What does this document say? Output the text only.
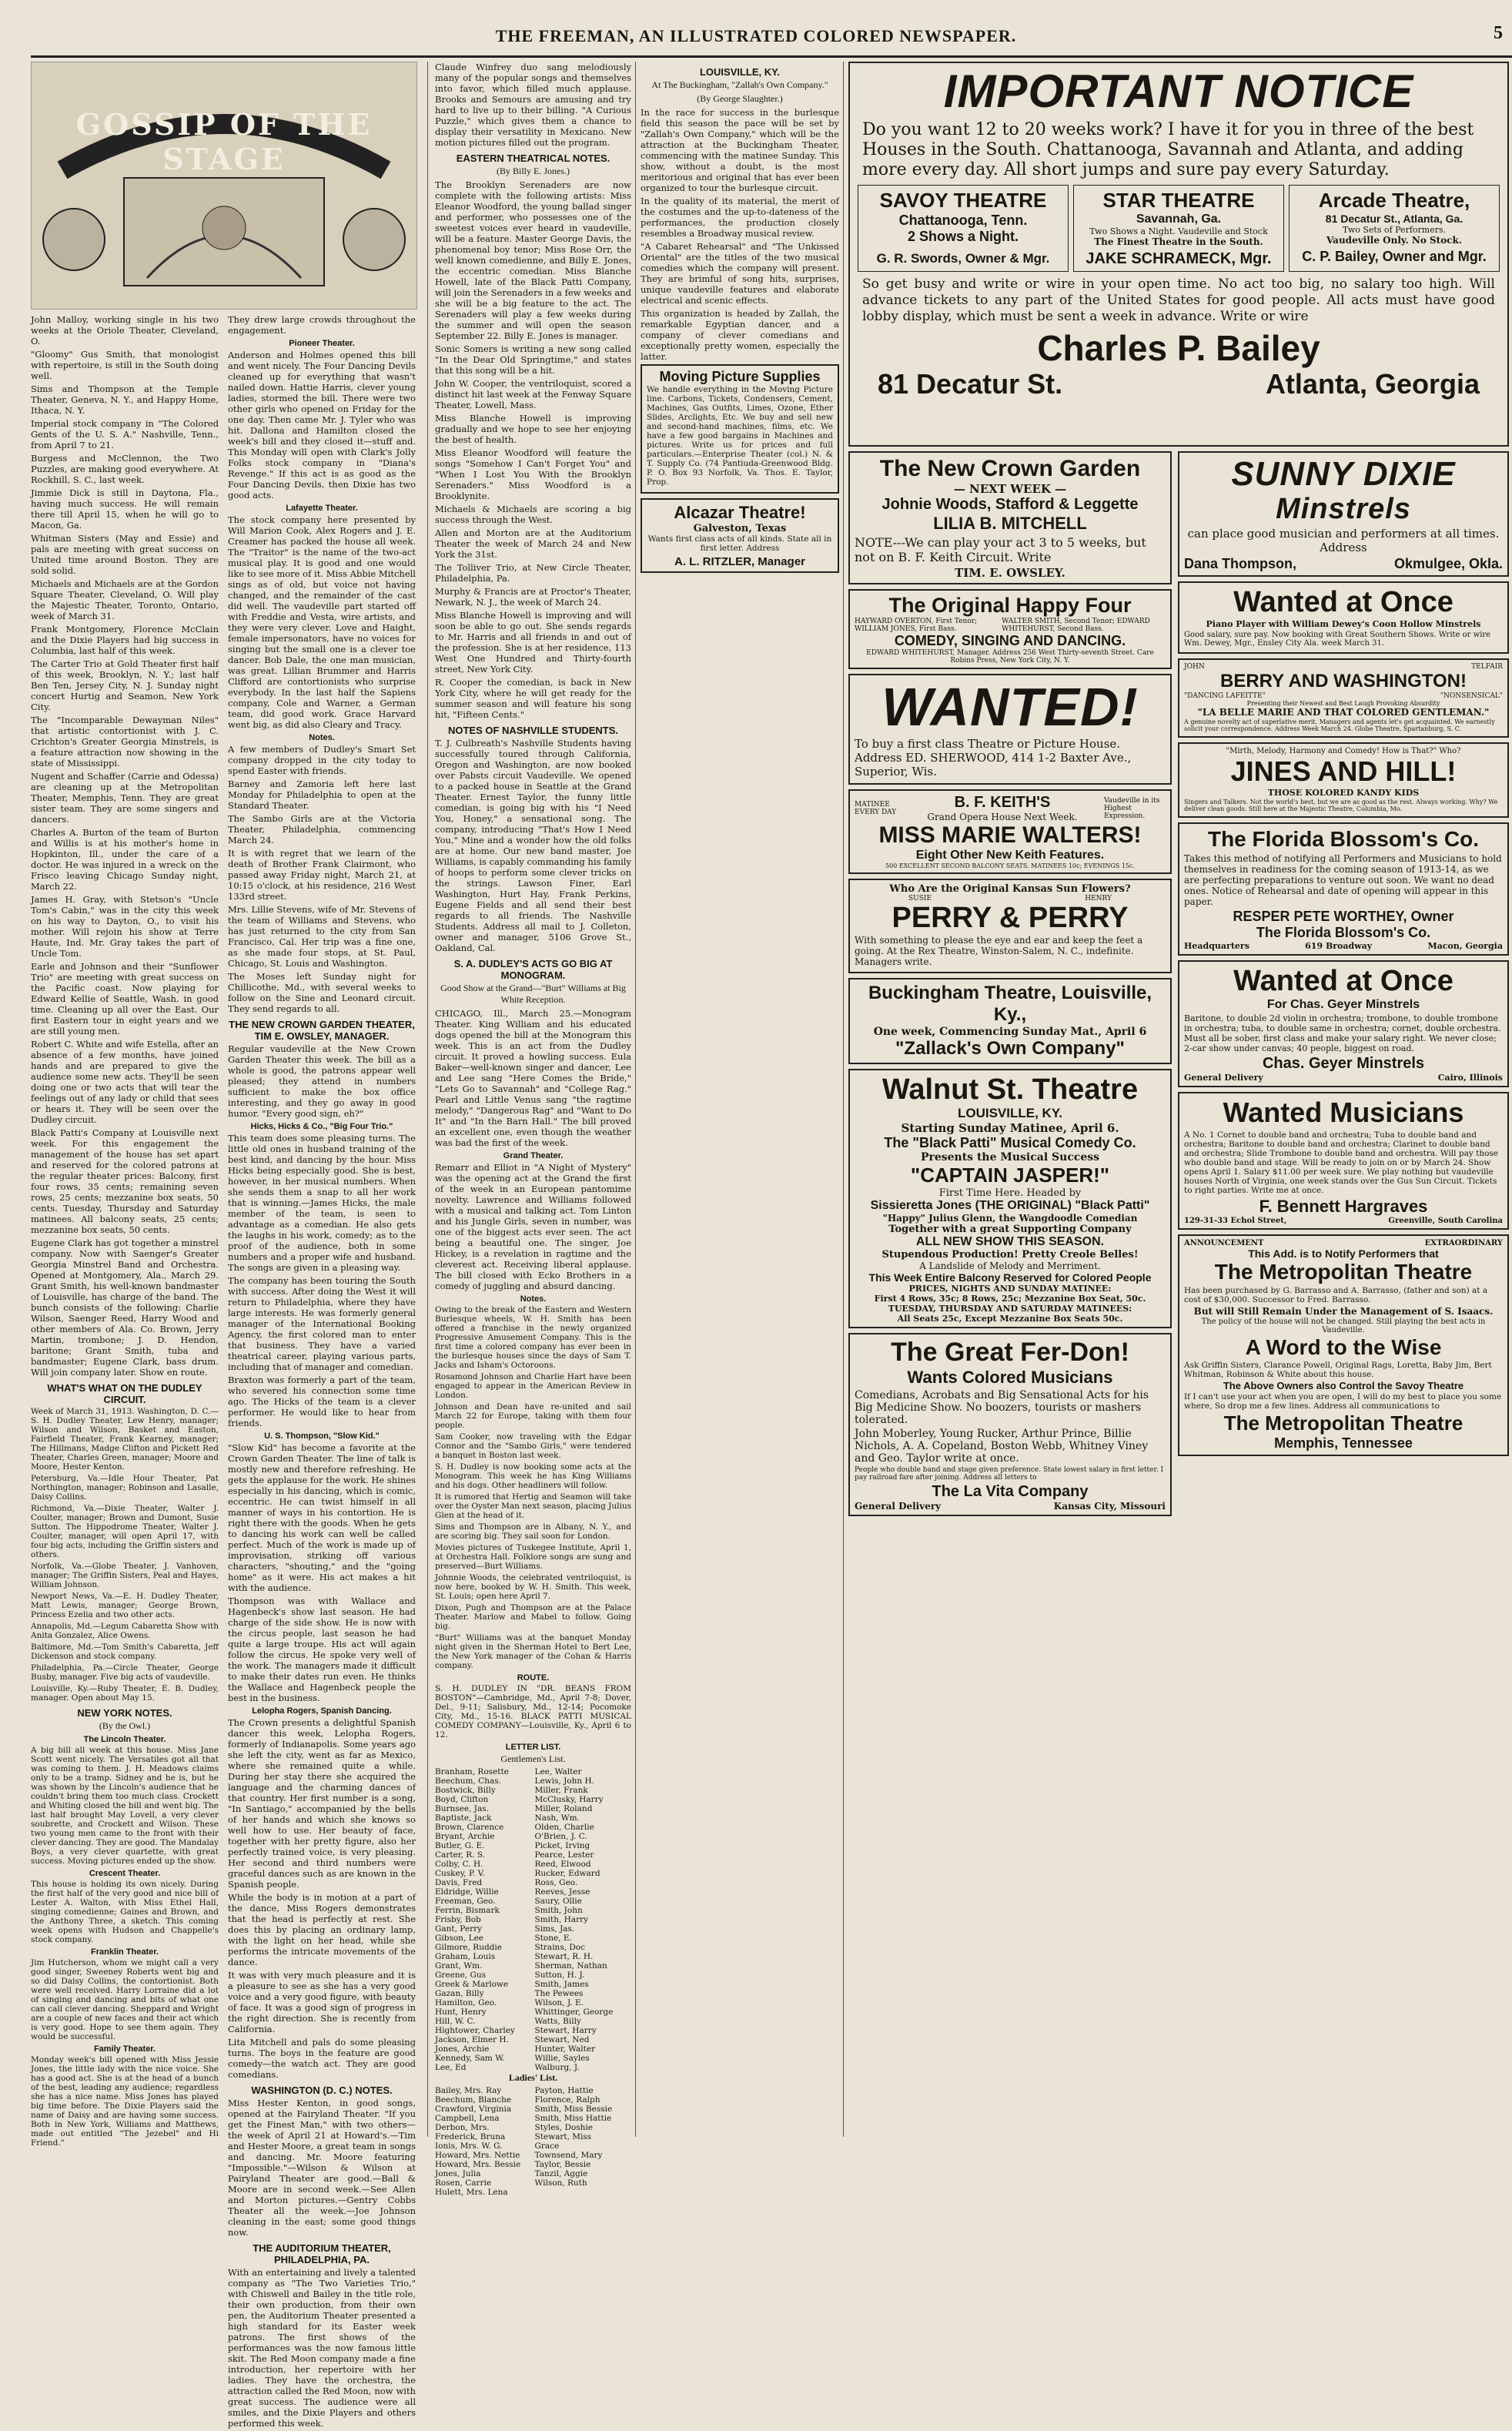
THE FREEMAN, AN ILLUSTRATED COLORED NEWSPAPER.	5
GOSSIP OF THE STAGE

John Malloy, working single in his two weeks at the Oriole Theater, Cleveland, O.

"Gloomy" Gus Smith, that monologist with repertoire, is still in the South doing well.

Sims and Thompson at the Temple Theater, Geneva, N. Y., and Happy Home, Ithaca, N. Y.

Imperial stock company in "The Colored Gents of the U. S. A." Nashville, Tenn., from April 7 to 21.

Burgess and McClennon, the Two Puzzles, are making good everywhere. At Rockhill, S. C., last week.

Jimmie Dick is still in Daytona, Fla., having much success. He will remain there till April 15, when he will go to Macon, Ga.

Whitman Sisters (May and Essie) and pals are meeting with great success on United time around Boston. They are sold solid.

Michaels and Michaels are at the Gordon Square Theater, Cleveland, O. Will play the Majestic Theater, Toronto, Ontario, week of March 31.

Frank Montgomery, Florence McClain and the Dixie Players had big success in Columbia, last half of this week.

The Carter Trio at Gold Theater first half of this week, Brooklyn, N. Y.; last half Ben Ten, Jersey City, N. J. Sunday night concert Hurtig and Seamon, New York City.

The "Incomparable Dewayman Niles" that artistic contortionist with J. C. Crichton's Greater Georgia Minstrels, is a feature attraction now showing in the state of Mississippi.

Nugent and Schaffer (Carrie and Odessa) are cleaning up at the Metropolitan Theater, Memphis, Tenn. They are great sister team. They are some singers and dancers.

Charles A. Burton of the team of Burton and Willis is at his mother's home in Hopkinton, Ill., under the care of a doctor. He was injured in a wreck on the Frisco leaving Chicago Sunday night, March 22.

James H. Gray, with Stetson's "Uncle Tom's Cabin," was in the city this week on his way to Dayton, O., to visit his mother. Will rejoin his show at Terre Haute, Ind. Mr. Gray takes the part of Uncle Tom.

Earle and Johnson and their "Sunflower Trio" are meeting with great success on the Pacific coast. Now playing for Edward Kellie of Seattle, Wash. in good time. Cleaning up all over the East. Our first Eastern tour in eight years and we are still young men.

Robert C. White and wife Estella, after an absence of a few months, have joined hands and are prepared to give the audience some new acts. They'll be seen doing one or two acts that will tear the feelings out of any lady or child that sees or hears it. They will be seen over the Dudley circuit.

Black Patti's Company at Louisville next week. For this engagement the management of the house has set apart and reserved for the colored patrons at the regular theater prices: Balcony, first four rows, 35 cents; remaining seven rows, 25 cents; mezzanine box seats, 50 cents. Tuesday, Thursday and Saturday matinees. All balcony seats, 25 cents; mezzanine box seats, 50 cents.

Eugene Clark has got together a minstrel company. Now with Saenger's Greater Georgia Minstrel Band and Orchestra. Opened at Montgomery, Ala., March 29. Grant Smith, his well-known bandmaster of Louisville, has charge of the band. The bunch consists of the following: Charlie Wilson, Saenger Reed, Harry Wood and other members of Ala. Co. Brown, Jerry Martin, trombone; J. D. Hendon, baritone; Grant Smith, tuba and bandmaster; Eugene Clark, bass drum. Will join company later. Show en route.

WHAT'S WHAT ON THE DUDLEY CIRCUIT.

Week of March 31, 1913. Washington, D. C.—S. H. Dudley Theater, Lew Henry, manager; Wilson and Wilson, Basket and Easton, Fairfield Theater, Frank Kearney, manager; The Hillmans, Madge Clifton and Pickett Red Theater, Charles Green, manager; Moore and Moore, Hester Kenton.

Petersburg, Va.—Idle Hour Theater, Pat Northington, manager; Robinson and Lasalle, Daisy Collins.

Richmond, Va.—Dixie Theater, Walter J. Coulter, manager; Brown and Dumont, Susie Sutton. The Hippodrome Theater, Walter J. Coulter, manager, will open April 17, with four big acts, including the Griffin sisters and others.

Norfolk, Va.—Globe Theater, J. Vanhoven, manager; The Griffin Sisters, Peal and Hayes, William Johnson.

Newport News, Va.—E. H. Dudley Theater, Matt Lewis, manager; George Brown, Princess Ezelia and two other acts.

Annapolis, Md.—Legum Cabaretta Show with Anita Gonzalez, Alice Owens.

Baltimore, Md.—Tom Smith's Cabaretta, Jeff Dickenson and stock company.

Philadelphia, Pa.—Circle Theater, George Busby, manager. Five big acts of vaudeville.

Louisville, Ky.—Ruby Theater, E. B. Dudley, manager. Open about May 15.

NEW YORK NOTES.
(By the Owl.)
The Lincoln Theater.

A big bill all week at this house. Miss Jane Scott went nicely. The Versatiles got all that was coming to them. J. H. Meadows claims only to be a tramp. Sidney and he is, but he was shown by the Lincoln's audience that he couldn't bring them too much class. Crockett and Whiting closed the bill and went big. The last half brought May Lovell, a very clever soubrette, and Crockett and Wilson. These two young men came to the front with their clever dancing. They are good. The Mandalay Boys, a very clever quartette, with great success. Moving pictures ended up the show.

Crescent Theater.

This house is holding its own nicely. During the first half of the very good and nice bill of Lester A. Walton, with Miss Ethel Hall, singing comedienne; Gaines and Brown, and the Anthony Three, a sketch. This coming week opens with Hudson and Chappelle's stock company.

Franklin Theater.

Jim Hutcherson, whom we might call a very good singer, Sweeney Roberts went big and so did Daisy Collins, the contortionist. Both were well received. Harry Lorraine did a lot of singing and dancing and bits of what one can call clever dancing. Sheppard and Wright are a couple of new faces and their act which is very good. Hope to see them again. They would be successful.

Family Theater.

Monday week's bill opened with Miss Jessie Jones, the little lady with the nice voice. She has a good act. She is at the head of a bunch of the best, leading any audience; regardless she has a nice name. Miss Jones has played big time before. The Dixie Players said the name of Daisy and are having some success. Both in New York, Williams and Matthews, made out entitled "The Jezebel" and Hi Friend."

They drew large crowds throughout the engagement.

Pioneer Theater.

Anderson and Holmes opened this bill and went nicely. The Four Dancing Devils cleaned up for everything that wasn't nailed down. Hattie Harris, clever young ladies, stormed the bill. There were two other girls who opened on Friday for the one day. Then came Mr. J. Tyler who was hit. Dallona and Hamilton closed the week's bill and they closed it—stuff and. This Monday will open with Clark's Jolly Folks stock company in "Diana's Revenge." If this act is as good as the Four Dancing Devils, then Dixie has two good acts.

Lafayette Theater.

The stock company here presented by Will Marion Cook, Alex Rogers and J. E. Creamer has packed the house all week. The "Traitor" is the name of the two-act musical play. It is good and one would like to see more of it. Miss Abbie Mitchell sings as of old, but voice not having changed, and the remainder of the cast did well. The vaudeville part started off with Freddie and Vesta, wire artists, and they were very clever. Love and Haight, female impersonators, have no voices for singing but the small one is a clever toe dancer. Bob Dale, the one man musician, was great. Lillian Brummer and Harris Clifford are contortionists who surprise everybody. In the last half the Sapiens company, Cole and Warner, a German team, did good work. Grace Harvard went big, as did also Cleary and Tracy.

Notes.

A few members of Dudley's Smart Set company dropped in the city today to spend Easter with friends.

Barney and Zamoria left here last Monday for Philadelphia to open at the Standard Theater.

The Sambo Girls are at the Victoria Theater, Philadelphia, commencing March 24.

It is with regret that we learn of the death of Brother Frank Clairmont, who passed away Friday night, March 21, at 10:15 o'clock, at his residence, 216 West 133rd street.

Mrs. Lillie Stevens, wife of Mr. Stevens of the team of Williams and Stevens, who has just returned to the city from San Francisco, Cal. Her trip was a fine one, as she made four stops, at St. Paul, Chicago, St. Louis and Washington.

The Moses left Sunday night for Chillicothe, Md., with several weeks to follow on the Sine and Leonard circuit. They send regards to all.

THE NEW CROWN GARDEN THEATER, TIM E. OWSLEY, MANAGER.

Regular vaudeville at the New Crown Garden Theater this week. The bill as a whole is good, the patrons appear well pleased; they attend in numbers sufficient to make the box office interesting, and they go away in good humor. "Every good sign, eh?"

Hicks, Hicks & Co., "Big Four Trio."

This team does some pleasing turns. The little old ones in husband training of the best kind, and dancing by the hour. Miss Hicks being especially good. She is best, however, in her musical numbers. When she sends them a snap to all her work that is winning.—James Hicks, the male member of the team, is seen to advantage as a comedian. He also gets the laughs in his work, comedy; as to the proof of the audience, both in some numbers and a proper wife and husband. The songs are given in a pleasing way.

The company has been touring the South with success. After doing the West it will return to Philadelphia, where they have large interests. He was formerly general manager of the International Booking Agency, the first colored man to enter that business. They have a varied theatrical career, playing various parts, including that of manager and comedian.

Braxton was formerly a part of the team, who severed his connection some time ago. The Hicks of the team is a clever performer. He would like to hear from friends.

U. S. Thompson, "Slow Kid."

"Slow Kid" has become a favorite at the Crown Garden Theater. The line of talk is mostly new and therefore refreshing. He gets the applause for the work. He shines especially in his dancing, which is comic, eccentric. He can twist himself in all manner of ways in his contortion. He is right there with the goods. When he gets to dancing his work can well be called perfect. Much of the work is made up of improvisation, striking off various characters, "shouting," and the "going home" as it were. His act makes a hit with the audience.

Thompson was with Wallace and Hagenbeck's show last season. He had charge of the side show. He is now with the circus people, last season he had quite a large troupe. His act will again follow the circus. He spoke very well of the work. The managers made it difficult to make their dates run even. He thinks the Wallace and Hagenbeck people the best in the business.

Lelopha Rogers, Spanish Dancing.

The Crown presents a delightful Spanish dancer this week, Lelopha Rogers, formerly of Indianapolis. Some years ago she left the city, went as far as Mexico, where she remained quite a while. During her stay there she acquired the language and the charming dances of that country. Her first number is a song, "In Santiago," accompanied by the bells of her hands and which she knows so well how to use. Her beauty of face, together with her pretty figure, also her perfectly trained voice, is very pleasing. Her second and third numbers were graceful dances such as are known in the Spanish people.

While the body is in motion at a part of the dance, Miss Rogers demonstrates that the head is perfectly at rest. She does this by placing an ordinary lamp, with the light on her head, while she performs the intricate movements of the dance.

It was with very much pleasure and it is a pleasure to see as she has a very good voice and a very good figure, with beauty of face. It was a good sign of progress in the right direction. She is recently from California.

Lita Mitchell and pals do some pleasing turns. The boys in the feature are good comedy—the watch act. They are good comedians.

WASHINGTON (D. C.) NOTES.

Miss Hester Kenton, in good songs, opened at the Fairyland Theater. "If you get the Finest Man," with two others—the week of April 21 at Howard's.—Tim and Hester Moore, a great team in songs and dancing. Mr. Moore featuring "Impossible."—Wilson & Wilson at Pairyland Theater are good.—Ball & Moore are in second week.—See Allen and Morton pictures.—Gentry Cobbs Theater all the week.—Joe Johnson cleaning in the east; some good things now.

THE AUDITORIUM THEATER, PHILADELPHIA, PA.

With an entertaining and lively a talented company as "The Two Varieties Trio," with Chiswell and Bailey in the title role, their own production, from their own pen, the Auditorium Theater presented a high standard for its Easter week patrons. The first shows of the performances was the now famous little skit. The Red Moon company made a fine introduction, her repertoire with her ladies. They have the orchestra, the attraction called the Red Moon, now with great success. The audience were all smiles, and the Dixie Players and others performed this week.

Claude Winfrey duo sang melodiously many of the popular songs and themselves into favor, which filled much applause. Brooks and Semours are amusing and try hard to live up to their billing. "A Curious Puzzle," which gives them a chance to display their versatility in Mexicano. New motion pictures filled out the program.

EASTERN THEATRICAL NOTES.
(By Billy E. Jones.)

The Brooklyn Serenaders are now complete with the following artists: Miss Eleanor Woodford, the young ballad singer and performer, who possesses one of the sweetest voices ever heard in vaudeville, will be a feature. Master George Davis, the phenomenal boy tenor; Miss Rose Orr, the well known comedienne, and Billy E. Jones, the eccentric comedian. Miss Blanche Howell, late of the Black Patti Company, will join the Serenaders in a few weeks and she will be a big feature to the act. The Serenaders will play a few weeks during the summer and will open the season September 22. Billy E. Jones is manager.

Sonic Somers is writing a new song called "In the Dear Old Springtime," and states that this song will be a hit.

John W. Cooper, the ventriloquist, scored a distinct hit last week at the Fenway Square Theater, Lowell, Mass.

Miss Blanche Howell is improving gradually and we hope to see her enjoying the best of health.

Miss Eleanor Woodford will feature the songs "Somehow I Can't Forget You" and "When I Lost You With the Brooklyn Serenaders." Miss Woodford is a Brooklynite.

Michaels & Michaels are scoring a big success through the West.

Allen and Morton are at the Auditorium Theater the week of March 24 and New York the 31st.

The Tolliver Trio, at New Circle Theater, Philadelphia, Pa.

Murphy & Francis are at Proctor's Theater, Newark, N. J., the week of March 24.

Miss Blanche Howell is improving and will soon be able to go out. She sends regards to Mr. Harris and all friends in and out of the profession. She is at her residence, 113 West One Hundred and Thirty-fourth street, New York City.

R. Cooper the comedian, is back in New York City, where he will get ready for the summer season and will feature his song hit, "Fifteen Cents."

NOTES OF NASHVILLE STUDENTS.

T. J. Culbreath's Nashville Students having successfully toured through California, Oregon and Washington, are now booked over Pabsts circuit Vaudeville. We opened to a packed house in Seattle at the Grand Theater. Ernest Taylor, the funny little comedian, is going big with his "I Need You, Honey," a sensational song. The company, introducing "That's How I Need You," Mine and a wonder how the old folks are at home. Our new band master, Joe Williams, is capably commanding his family of hoops to perform some clever tricks on the strings. Lawson Finer, Earl Washington, Hurt Hay, Frank Perkins, Eugene Fields and all send their best regards to all friends. The Nashville Students. Address all mail to J. Colleton, owner and manager, 5106 Grove St., Oakland, Cal.

S. A. DUDLEY'S ACTS GO BIG AT MONOGRAM.
Good Show at the Grand—"Burt" Williams at Big White Reception.

CHICAGO, Ill., March 25.—Monogram Theater. King William and his educated dogs opened the bill at the Monogram this week. This is an act from the Dudley circuit. It proved a howling success. Eula Baker—well-known singer and dancer, Lee and Lee sang "Here Comes the Bride," "Lets Go to Savannah" and "College Rag." Pearl and Little Venus sang "the ragtime melody," "Dangerous Rag" and "Want to Do It" and "In the Barn Hall." The bill proved an excellent one, even though the weather was bad the first of the week.

Grand Theater.

Remarr and Elliot in "A Night of Mystery" was the opening act at the Grand the first of the week in an European pantomime novelty. Lawrence and Williams followed with a musical and talking act. Tom Linton and his Jungle Girls, seven in number, was one of the biggest acts ever seen. The act being a beautiful one. The singer, Joe Hickey, is a revelation in ragtime and the cleverest act. Receiving liberal applause. The bill closed with Ecko Brothers in a comedy of juggling and absurd dancing.

Notes.

Owing to the break of the Eastern and Western Burlesque wheels, W. H. Smith has been offered a franchise in the newly organized Progressive Amusement Company. This is the first time a colored company has ever been in the burlesque houses since the days of Sam T. Jacks and Isham's Octoroons.

Rosamond Johnson and Charlie Hart have been engaged to appear in the American Review in London.

Johnson and Dean have re-united and sail March 22 for Europe, taking with them four people.

Sam Cooker, now traveling with the Edgar Connor and the "Sambo Girls," were tendered a banquet in Boston last week.

S. H. Dudley is now booking some acts at the Monogram. This week he has King Williams and his dogs. Other headliners will follow.

It is rumored that Hertig and Seamon will take over the Oyster Man next season, placing Julius Glen at the head of it.

Sims and Thompson are in Albany, N. Y., and are scoring big. They sail soon for London.

Movies pictures of Tuskegee Institute, April 1, at Orchestra Hall. Folklore songs are sung and preserved—Burt Williams.

Johnnie Woods, the celebrated ventriloquist, is now here, booked by W. H. Smith. This week, St. Louis; open here April 7.

Dixon, Pugh and Thompson are at the Palace Theater. Marlow and Mabel to follow. Going big.

"Burt" Williams was at the banquet Monday night given in the Sherman Hotel to Bert Lee, the New York manager of the Cohan & Harris company.

ROUTE.

S. H. DUDLEY IN "DR. BEANS FROM BOSTON"—Cambridge, Md., April 7-8; Dover, Del., 9-11; Salisbury, Md., 12-14; Pocomoke City, Md., 15-16. BLACK PATTI MUSICAL COMEDY COMPANY—Louisville, Ky., April 6 to 12.

LETTER LIST.
Gentlemen's List.
Branham, Rosette	Lee, Walter
Beechum, Chas.	Lewis, John H.
Bostwick, Billy	Miller, Frank
Boyd, Clifton	McClusky, Harry
Burnsee, Jas.	Miller, Roland
Baptiste, Jack	Nash, Wm.
Brown, Clarence	Olden, Charlie
Bryant, Archie	O'Brien, J. C.
Butler, G. E.	Picket, Irving
Carter, R. S.	Pearce, Lester
Colby, C. H.	Reed, Elwood
Cuskey, P. V.	Rucker, Edward
Davis, Fred	Ross, Geo.
Eldridge, Willie	Reeves, Jesse
Freeman, Geo.	Saury, Ollie
Ferrin, Bismark	Smith, John
Frisby, Bob	Smith, Harry
Gant, Perry	Sims, Jas.
Gibson, Lee	Stone, E.
Gilmore, Ruddie	Strains, Doc
Graham, Louis	Stewart, R. H.
Grant, Wm.	Sherman, Nathan
Greene, Gus	Sutton, H. J.
Greek & Marlowe	Smith, James
Gazan, Billy	The Pewees
Hamilton, Geo.	Wilson, J. E.
Hunt, Henry	Whittinger, George
Hill, W. C.	Watts, Billy
Hightower, Charley	Stewart, Harry
Jackson, Elmer H.	Stewart, Ned
Jones, Archie	Hunter, Walter
Kennedy, Sam W.	Willie, Sayles
Lee, Ed	Walburg, J.
Ladies' List.
Bailey, Mrs. Ray	Payton, Hattie
Beechum, Blanche	Florence, Ralph
Crawford, Virginia	Smith, Miss Bessie
Campbell, Lena	Smith, Miss Hattie
Derbon, Mrs.	Styles, Doshie
Frederick, Bruna	Stewart, Miss
Ionis, Mrs. W. G.	Grace
Howard, Mrs. Nettie	Townsend, Mary
Howard, Mrs. Bessie	Taylor, Bessie
Jones, Julia	Tanzil, Aggie
Rosen, Carrie	Wilson, Ruth
Hulett, Mrs. Lena
LOUISVILLE, KY.
At The Buckingham, "Zallah's Own Company."
(By George Slaughter.)

In the race for success in the burlesque field this season the pace will be set by "Zallah's Own Company," which will be the attraction at the Buckingham Theater, commencing with the matinee Sunday. This show, without a doubt, is the most meritorious and original that has ever been organized to tour the burlesque circuit.

In the quality of its material, the merit of the costumes and the up-to-dateness of the performances, the production closely resembles a Broadway musical review.

"A Cabaret Rehearsal" and "The Unkissed Oriental" are the titles of the two musical comedies which the company will present. They are brimful of song hits, surprises, unique vaudeville features and elaborate electrical and scenic effects.

This organization is headed by Zallah, the remarkable Egyptian dancer, and a company of clever comedians and exceptionally pretty women, especially the latter.

Moving Picture Supplies

We handle everything in the Moving Picture line. Carbons, Tickets, Condensers, Cement, Machines, Gas Outfits, Limes, Ozone, Ether Slides, Arclights, Etc. We buy and sell new and second-hand machines, films, etc. We have a few good bargains in Machines and pictures. Write us for prices and full particulars.—Enterprise Theater (col.) N. & T. Supply Co. (74 Pantiuda-Greenwood Bldg. P. O. Box 93 Norfolk, Va. Thos. E. Taylor, Prop.

Alcazar Theatre!
Galveston, Texas

Wants first class acts of all kinds. State all in first letter. Address

A. L. RITZLER, Manager
IMPORTANT NOTICE

Do you want 12 to 20 weeks work? I have it for you in three of the best Houses in the South. Chattanooga, Savannah and Atlanta, and adding more every day. All short jumps and sure pay every Saturday.

SAVOY THEATRE
Chattanooga, Tenn.
2 Shows a Night.
G. R. Swords, Owner & Mgr.
STAR THEATRE
Savannah, Ga.
Two Shows a Night. Vaudeville and Stock
The Finest Theatre in the South.
JAKE SCHRAMECK, Mgr.
Arcade Theatre,
81 Decatur St., Atlanta, Ga.
Two Sets of Performers.
Vaudeville Only. No Stock.
C. P. Bailey, Owner and Mgr.

So get busy and write or wire in your open time. No act too big, no salary too high. Will advance tickets to any part of the United States for good people. All acts must have good lobby display, which must be sent a week in advance. Write or wire

Charles P. Bailey
81 Decatur St.	Atlanta, Georgia
The New Crown Garden
— NEXT WEEK —
Johnie Woods, Stafford & Leggette
LILIA B. MITCHELL

NOTE---We can play your act 3 to 5 weeks, but not on B. F. Keith Circuit. Write

TIM. E. OWSLEY.
The Original Happy Four
HAYWARD OVERTON, First Tenor; WILLIAM JONES, First Bass.
WALTER SMITH, Second Tenor; EDWARD WHITEHURST, Second Bass.
COMEDY, SINGING AND DANCING.
EDWARD WHITEHURST, Manager. Address 256 West Thirty-seventh Street. Care Robins Press, New York City, N. Y.
WANTED!

To buy a first class Theatre or Picture House. Address ED. SHERWOOD, 414 1-2 Baxter Ave., Superior, Wis.

MATINEE EVERY DAY
B. F. KEITH'S
Grand Opera House Next Week.
Vaudeville in its Highest Expression.
MISS MARIE WALTERS!
Eight Other New Keith Features.
500 EXCELLENT SECOND BALCONY SEATS. MATINEES 10c; EVENINGS 15c.
Who Are the Original Kansas Sun Flowers?
SUSIE	HENRY
PERRY & PERRY

With something to please the eye and ear and keep the feet a going. At the Rex Theatre, Winston-Salem, N. C., indefinite. Managers write.

Buckingham Theatre, Louisville, Ky.,
One week, Commencing Sunday Mat., April 6
"Zallack's Own Company"
Walnut St. Theatre
LOUISVILLE, KY.
Starting Sunday Matinee, April 6.
The "Black Patti" Musical Comedy Co.
Presents the Musical Success
"CAPTAIN JASPER!"
First Time Here. Headed by
Sissieretta Jones (THE ORIGINAL) "Black Patti"
"Happy" Julius Glenn, the Wangdoodle Comedian
Together with a great Supporting Company
ALL NEW SHOW THIS SEASON.
Stupendous Production! Pretty Creole Belles!
A Landslide of Melody and Merriment.
This Week Entire Balcony Reserved for Colored People
PRICES, NIGHTS AND SUNDAY MATINEE:
First 4 Rows, 35c; 8 Rows, 25c; Mezzanine Box Seat, 50c.
TUESDAY, THURSDAY AND SATURDAY MATINEES:
All Seats 25c, Except Mezzanine Box Seats 50c.
The Great Fer-Don!
Wants Colored Musicians

Comedians, Acrobats and Big Sensational Acts for his Big Medicine Show. No boozers, tourists or mashers tolerated.

John Moberley, Young Rucker, Arthur Prince, Billie Nichols, A. A. Copeland, Boston Webb, Whitney Viney and Geo. Taylor write at once.

People who double band and stage given preference. State lowest salary in first letter. I pay railroad fare after joining. Address all letters to

The La Vita Company
General Delivery	Kansas City, Missouri
SUNNY DIXIE
Minstrels

can place good musician and performers at all times. Address

Dana Thompson,	Okmulgee, Okla.
Wanted at Once
Piano Player with William Dewey's Coon Hollow Minstrels

Good salary, sure pay. Now booking with Great Southern Shows. Write or wire Wm. Dewey, Mgr., Ensley City Ala. week March 31.

JOHN	TELFAIR
BERRY AND WASHINGTON!
"DANCING LAFEITTE"	"NONSENSICAL"
Presenting their Newest and Best Laugh Provoking Absurdity
"LA BELLE MARIE AND THAT COLORED GENTLEMAN."

A genuine novelty act of superlative merit. Managers and agents let's get acquainted. We earnestly solicit your correspondence. Address Week March 24. Globe Theatre, Spartanburg, S. C.

"Mirth, Melody, Harmony and Comedy! How is That?" Who?
JINES AND HILL!
THOSE KOLORED KANDY KIDS

Singers and Talkers. Not the world's best, but we are as good as the rest. Always working. Why? We deliver clean goods. Still here at the Majestic Theatre, Columbia, Mo.

The Florida Blossom's Co.

Takes this method of notifying all Performers and Musicians to hold themselves in readiness for the coming season of 1913-14, as we are perfecting preparations to venture out soon. We want no dead ones. Notice of Rehearsal and date of opening will appear in this paper.

RESPER PETE WORTHEY, Owner
The Florida Blossom's Co.
Headquarters	619 Broadway	Macon, Georgia
Wanted at Once
For Chas. Geyer Minstrels

Baritone, to double 2d violin in orchestra; trombone, to double trombone in orchestra; tuba, to double same in orchestra; cornet, double orchestra. Must all be sober, first class and make your salary right. We never close; 2-car show under canvas; 40 people, biggest on road.

Chas. Geyer Minstrels
General Delivery	Cairo, Illinois
Wanted Musicians

A No. 1 Cornet to double band and orchestra; Tuba to double band and orchestra; Baritone to double band and orchestra; Clarinet to double band and orchestra; Slide Trombone to double band and orchestra. Will pay those who double band and stage. Will be ready to join on or by March 24. Show opens April 1. Salary $11.00 per week sure. We play nothing but vaudeville houses North of Virginia, one week stands over the Gus Sun Circuit. Tickets to right parties. Write me at once.

F. Bennett Hargraves
129-31-33 Echol Street,	Greenville, South Carolina
ANNOUNCEMENT	EXTRAORDINARY
This Add. is to Notify Performers that
The Metropolitan Theatre

Has been purchased by G. Barrasso and A. Barrasso, (father and son) at a cost of $30,000. Successor to Fred. Barrasso.

But will Still Remain Under the Management of S. Isaacs.

The policy of the house will not be changed. Still playing the best acts in Vaudeville.

A Word to the Wise

Ask Griffin Sisters, Clarance Powell, Original Rags, Loretta, Baby Jim, Bert Whitman, Robinson & White about this house.

The Above Owners also Control the Savoy Theatre

If I can't use your act when you are open, I will do my best to place you some where, So drop me a few lines. Address all communications to

The Metropolitan Theatre
Memphis, Tennessee
